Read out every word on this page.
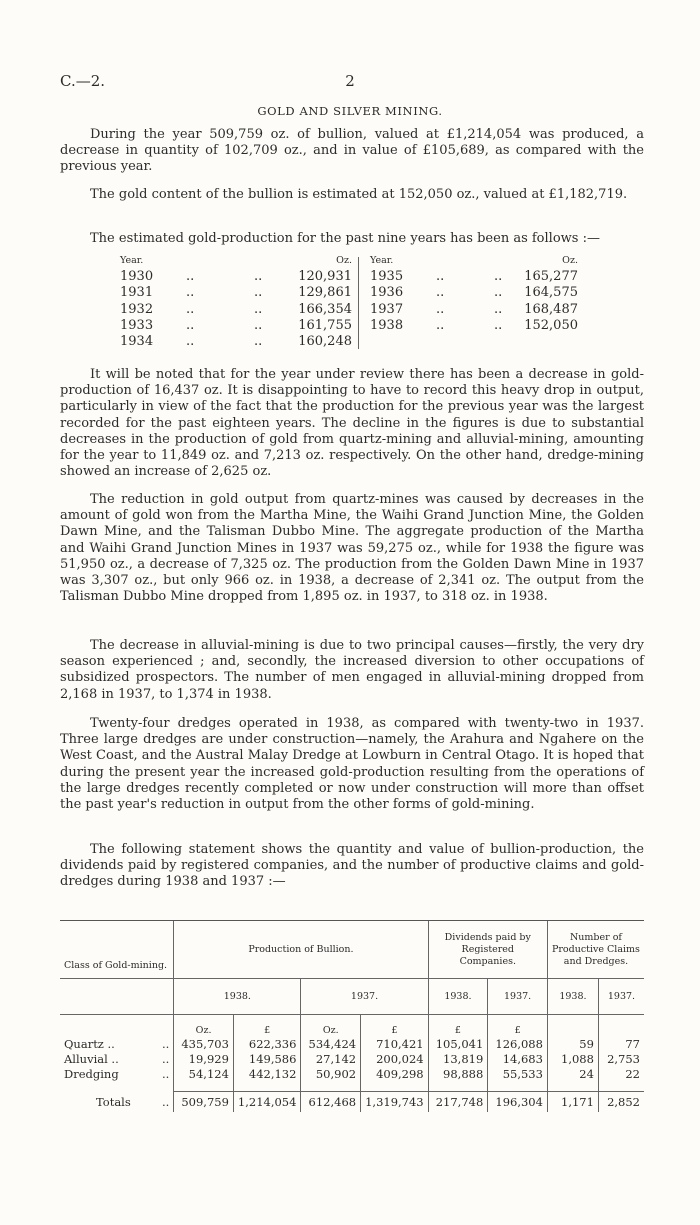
C.—2.	2
GOLD AND SILVER MINING.

During the year 509,759 oz. of bullion, valued at £1,214,054 was produced, a decrease in quantity of 102,709 oz., and in value of £105,689, as compared with the previous year.

The gold content of the bullion is estimated at 152,050 oz., valued at £1,182,719.

The estimated gold-production for the past nine years has been as follows :—

Year.	Oz.
1930	..	..	120,931
1931	..	..	129,861
1932	..	..	166,354
1933	..	..	161,755
1934	..	..	160,248
Year.	Oz.
1935	..	.. 165,277
1936	..	.. 164,575
1937	..	.. 168,487
1938	..	.. 152,050

It will be noted that for the year under review there has been a decrease in gold-production of 16,437 oz. It is disappointing to have to record this heavy drop in output, particularly in view of the fact that the production for the previous year was the largest recorded for the past eighteen years. The decline in the figures is due to substantial decreases in the production of gold from quartz-mining and alluvial-mining, amounting for the year to 11,849 oz. and 7,213 oz. respectively. On the other hand, dredge-mining showed an increase of 2,625 oz.

The reduction in gold output from quartz-mines was caused by decreases in the amount of gold won from the Martha Mine, the Waihi Grand Junction Mine, the Golden Dawn Mine, and the Talisman Dubbo Mine. The aggregate production of the Martha and Waihi Grand Junction Mines in 1937 was 59,275 oz., while for 1938 the figure was 51,950 oz., a decrease of 7,325 oz. The production from the Golden Dawn Mine in 1937 was 3,307 oz., but only 966 oz. in 1938, a decrease of 2,341 oz. The output from the Talisman Dubbo Mine dropped from 1,895 oz. in 1937, to 318 oz. in 1938.

The decrease in alluvial-mining is due to two principal causes—firstly, the very dry season experienced ; and, secondly, the increased diversion to other occupations of subsidized prospectors. The number of men engaged in alluvial-mining dropped from 2,168 in 1937, to 1,374 in 1938.

Twenty-four dredges operated in 1938, as compared with twenty-two in 1937. Three large dredges are under construction—namely, the Arahura and Ngahere on the West Coast, and the Austral Malay Dredge at Lowburn in Central Otago. It is hoped that during the present year the increased gold-production resulting from the operations of the large dredges recently completed or now under construction will more than offset the past year's reduction in output from the other forms of gold-mining.

The following statement shows the quantity and value of bullion-production, the dividends paid by registered companies, and the number of productive claims and gold-dredges during 1938 and 1937 :—

Class of Gold-mining.	Production of Bullion.				Dividends paid by Registered Companies.		Number of Productive Claims and Dredges.	
	1938.		1937.		1938.	1937.	1938.	1937.
	Oz.	£	Oz.	£	£	£		
Quartz .. ..	435,703	622,336	534,424	710,421	105,041	126,088	59	77
Alluvial .. ..	19,929	149,586	27,142	200,024	13,819	14,683	1,088	2,753
Dredging ..	54,124	442,132	50,902	409,298	98,888	55,533	24	22

Totals ..	509,759	1,214,054	612,468	1,319,743	217,748	196,304	1,171	2,852
